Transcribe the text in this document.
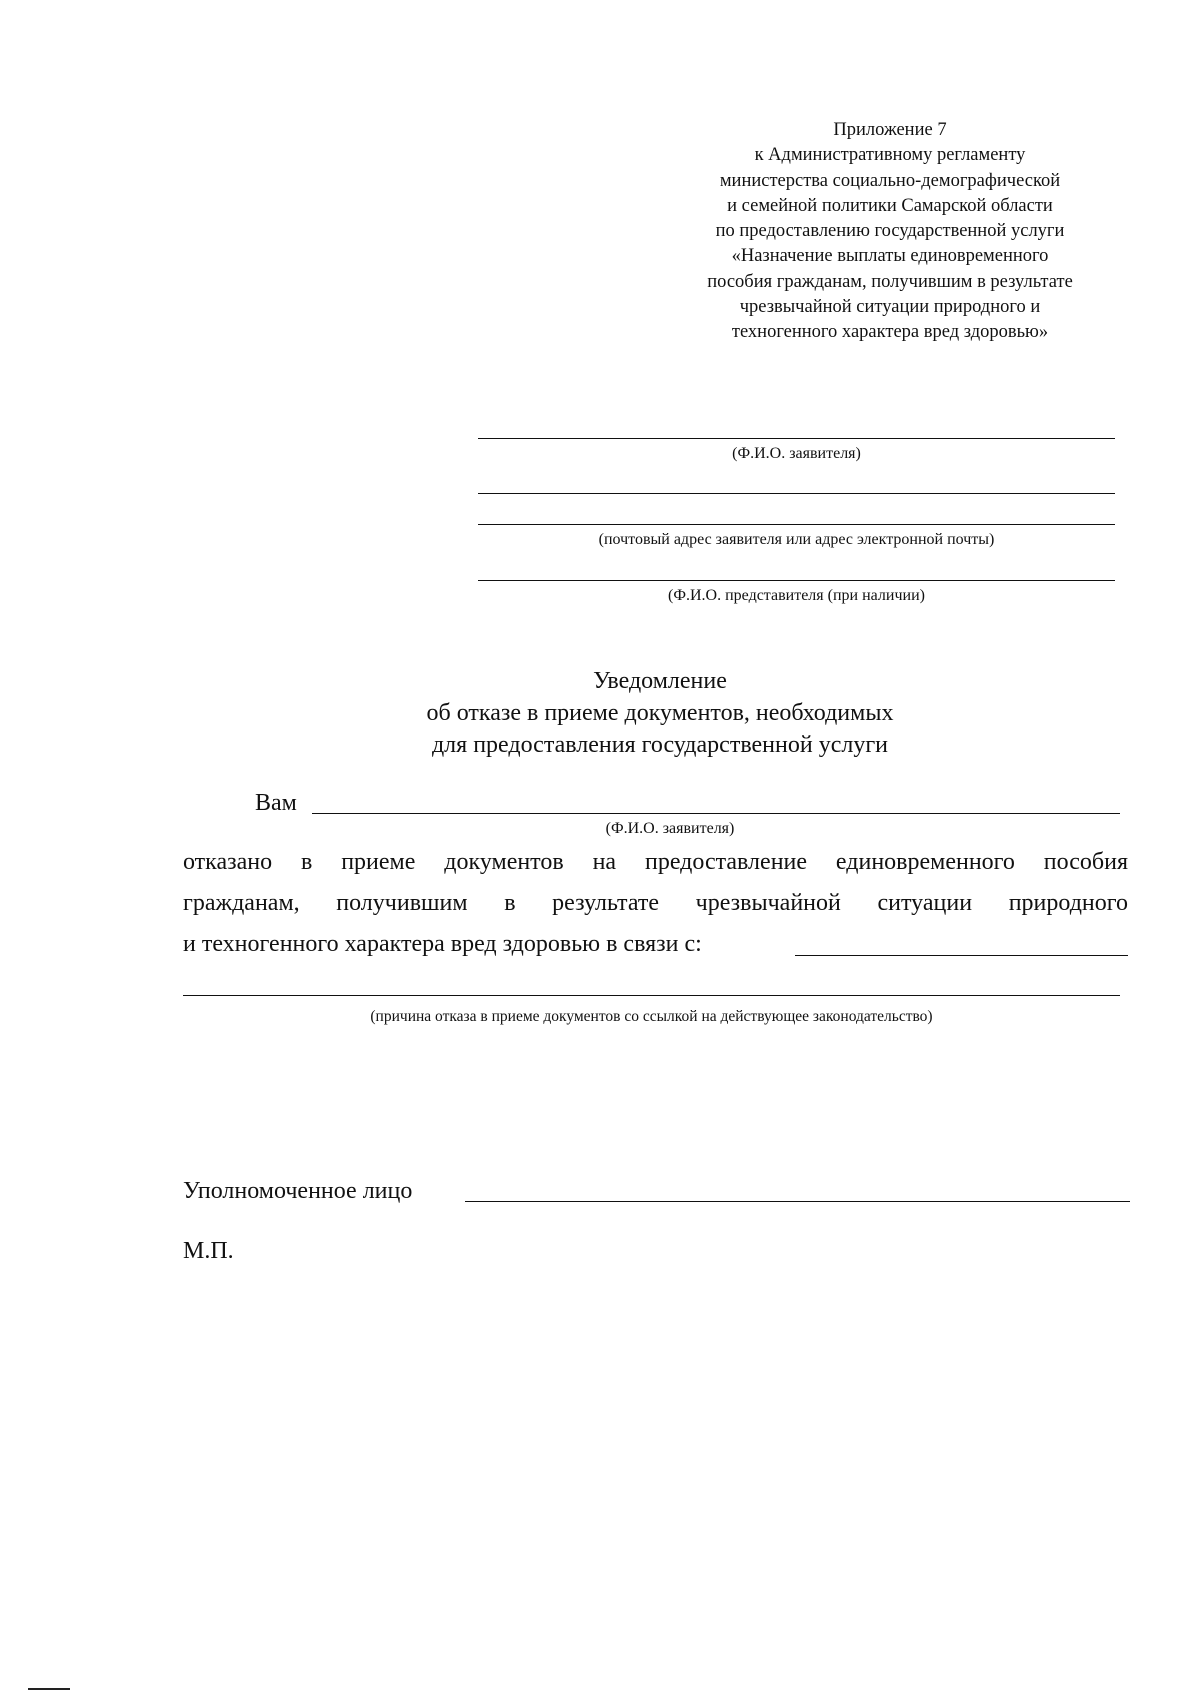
Приложение 7
к Административному регламенту
министерства социально-демографической
и семейной политики Самарской области
по предоставлению государственной услуги
«Назначение выплаты единовременного
пособия гражданам, получившим в результате
чрезвычайной ситуации природного и
техногенного характера вред здоровью»
(Ф.И.О. заявителя)
(почтовый адрес заявителя или адрес электронной почты)
(Ф.И.О. представителя (при наличии)
Уведомление
об отказе в приеме документов, необходимых
для предоставления государственной услуги
Вам
(Ф.И.О. заявителя)
отказано в приеме документов на предоставление единовременного пособия
гражданам, получившим в результате чрезвычайной ситуации природного
и техногенного характера вред здоровью в связи с:
(причина отказа в приеме документов со ссылкой на действующее законодательство)
Уполномоченное лицо
М.П.
